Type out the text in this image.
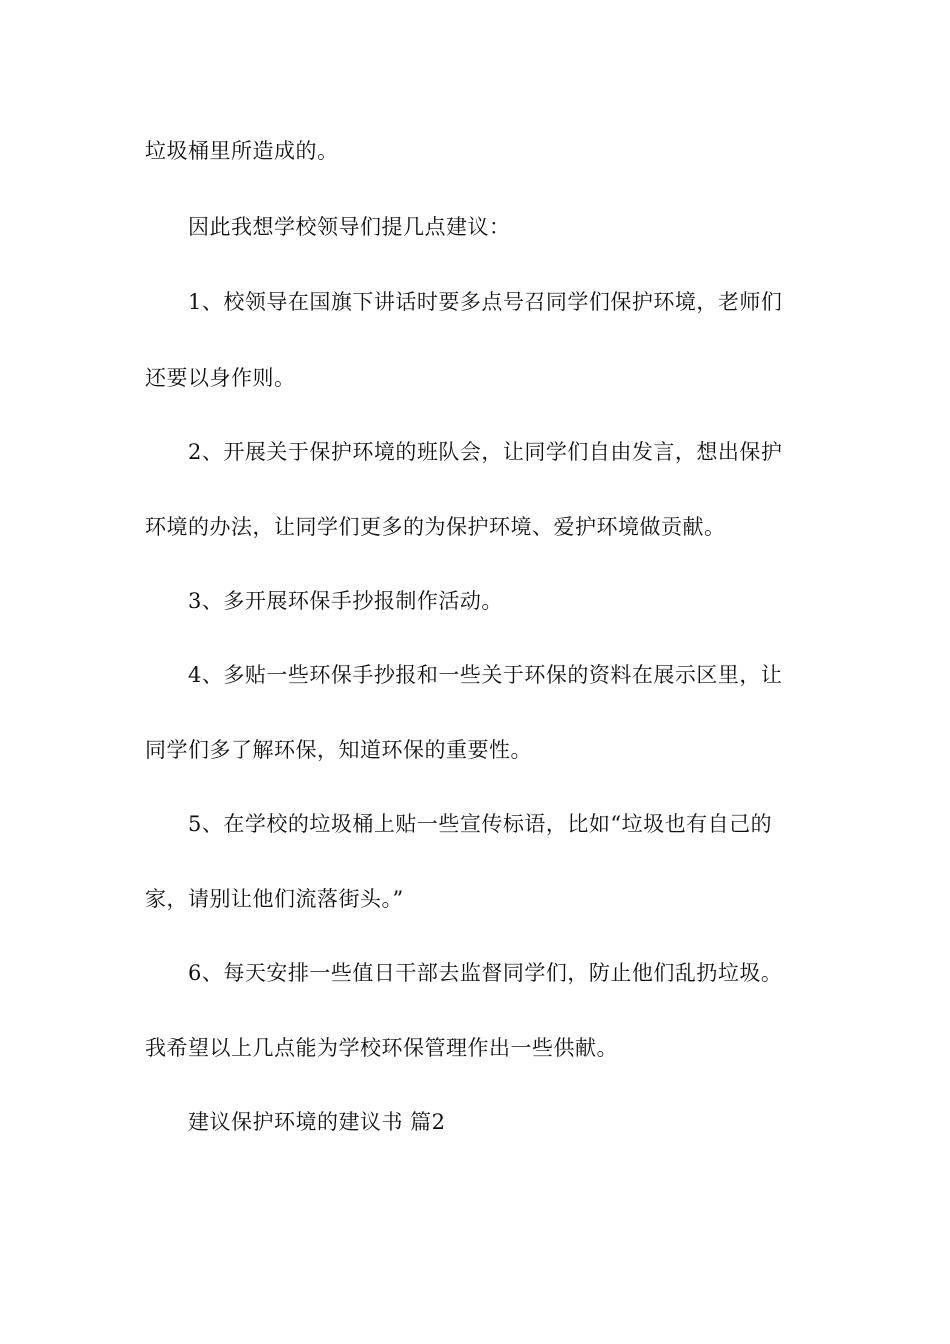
垃圾桶里所造成的。
因此我想学校领导们提几点建议：
1、校领导在国旗下讲话时要多点号召同学们保护环境，老师们
还要以身作则。
2、开展关于保护环境的班队会，让同学们自由发言，想出保护
环境的办法，让同学们更多的为保护环境、爱护环境做贡献。
3、多开展环保手抄报制作活动。
4、多贴一些环保手抄报和一些关于环保的资料在展示区里，让
同学们多了解环保，知道环保的重要性。
5、在学校的垃圾桶上贴一些宣传标语，比如“垃圾也有自己的
家，请别让他们流落街头。”
6、每天安排一些值日干部去监督同学们，防止他们乱扔垃圾。
我希望以上几点能为学校环保管理作出一些供献。
建议保护环境的建议书 篇2
